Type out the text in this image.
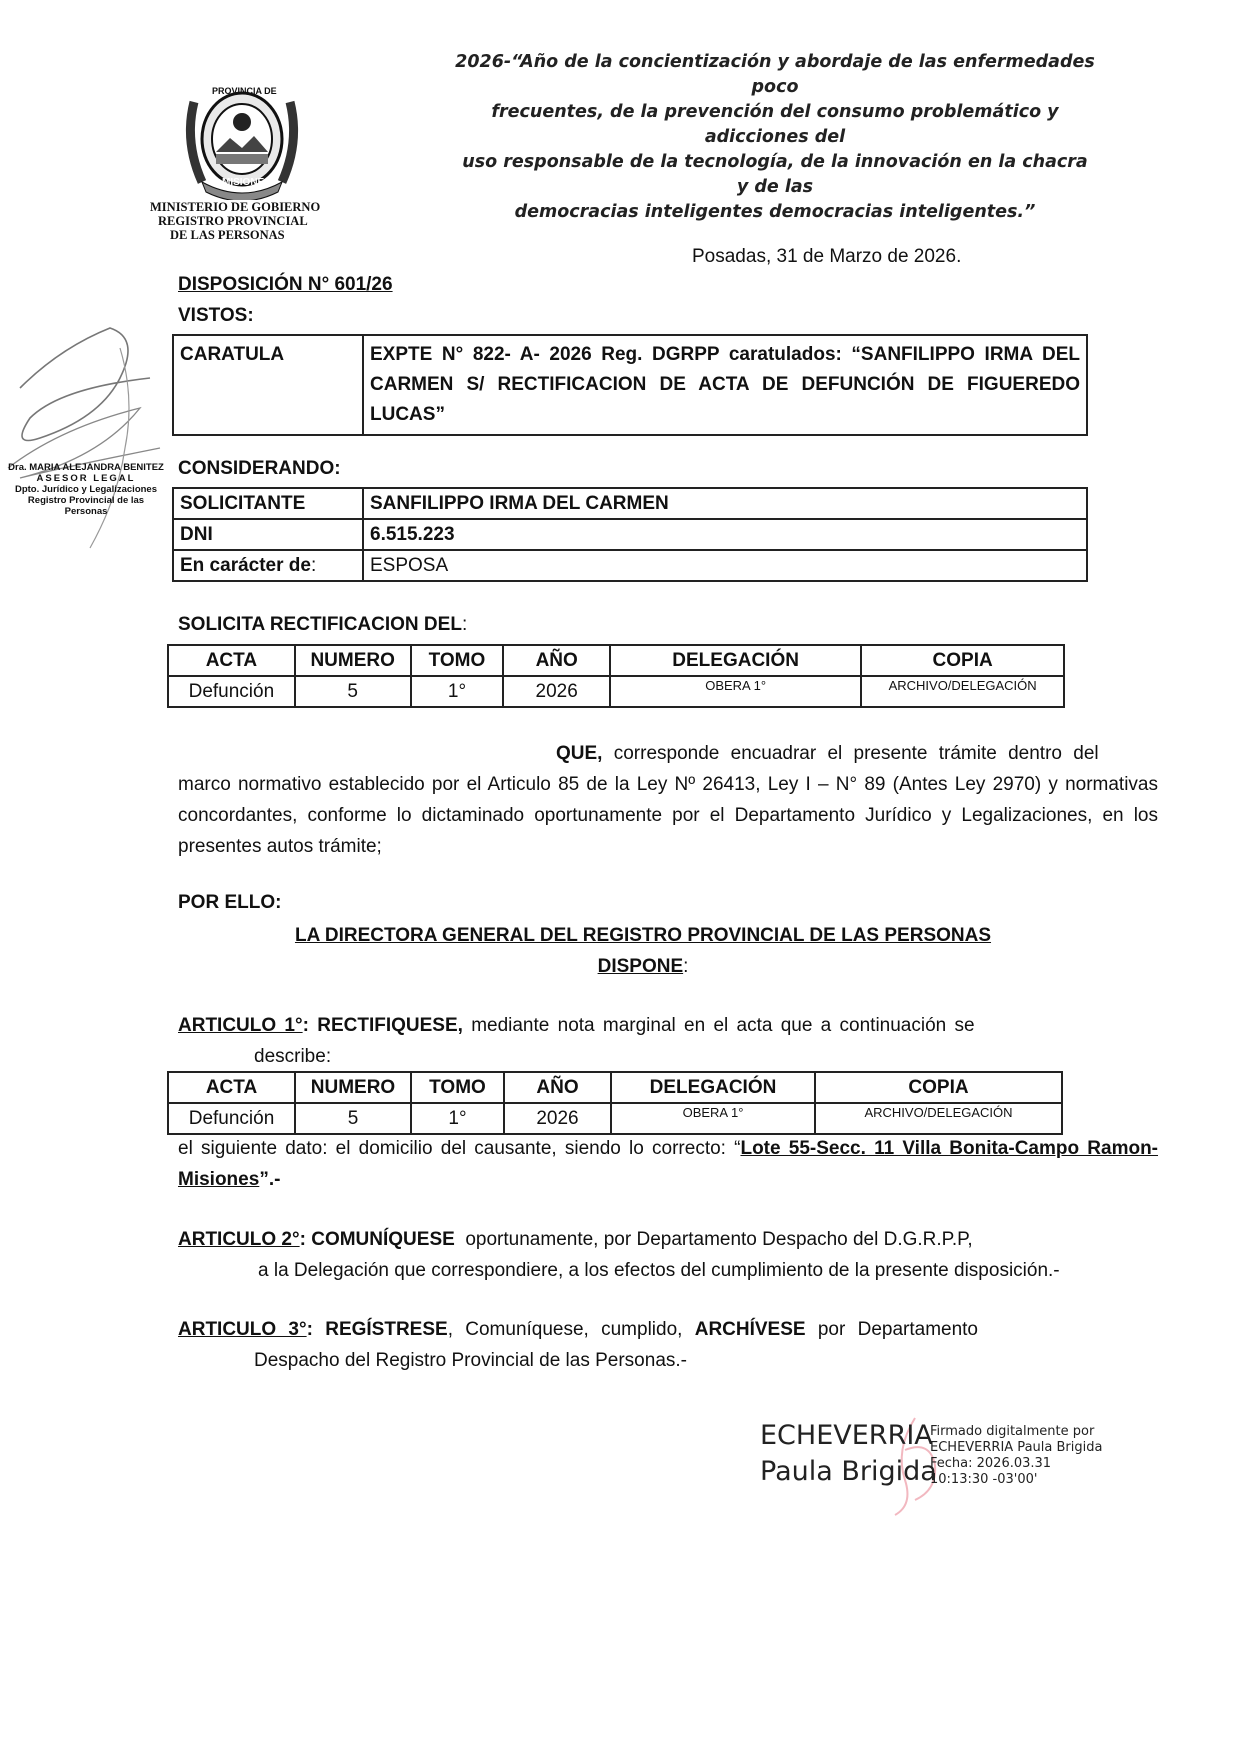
PROVINCIA DE
MISIONES
MINISTERIO DE GOBIERNO
REGISTRO PROVINCIAL
DE LAS PERSONAS
2026-“Año de la concientización y abordaje de las enfermedades poco
frecuentes, de la prevención del consumo problemático y adicciones del
uso responsable de la tecnología, de la innovación en la chacra y de las
democracias inteligentes democracias inteligentes.”
Dra. MARIA ALEJANDRA BENITEZ
ASESOR LEGAL
Dpto. Jurídico y Legalizaciones
Registro Provincial de las Personas
Posadas, 31 de Marzo de 2026.
DISPOSICIÓN N° 601/26
VISTOS:
CARATULA	EXPTE N° 822- A- 2026 Reg. DGRPP caratulados: “SANFILIPPO IRMA DEL CARMEN S/ RECTIFICACION DE ACTA DE DEFUNCIÓN DE FIGUEREDO LUCAS”
CONSIDERANDO:
SOLICITANTE	SANFILIPPO IRMA DEL CARMEN
DNI	6.515.223
En carácter de:	ESPOSA
SOLICITA RECTIFICACION DEL:
ACTA	NUMERO	TOMO	AÑO	DELEGACIÓN	COPIA
Defunción	5	1°	2026	OBERA 1°	ARCHIVO/DELEGACIÓN
QUE, corresponde encuadrar el presente trámite dentro del
marco normativo establecido por el Articulo 85 de la Ley Nº 26413, Ley I – N° 89 (Antes Ley 2970) y normativas concordantes, conforme lo dictaminado oportunamente por el Departamento Jurídico y Legalizaciones, en los presentes autos trámite;
POR ELLO:
LA DIRECTORA GENERAL DEL REGISTRO PROVINCIAL DE LAS PERSONAS
DISPONE:
ARTICULO 1°: RECTIFIQUESE, mediante nota marginal en el acta que a continuación se
describe:
ACTA	NUMERO	TOMO	AÑO	DELEGACIÓN	COPIA
Defunción	5	1°	2026	OBERA 1°	ARCHIVO/DELEGACIÓN
el siguiente dato: el domicilio del causante, siendo lo correcto: “Lote 55-Secc. 11 Villa Bonita-Campo Ramon-Misiones”.-
ARTICULO 2°: COMUNÍQUESE oportunamente, por Departamento Despacho del D.G.R.P.P,
a la Delegación que correspondiere, a los efectos del cumplimiento de la presente disposición.-
ARTICULO 3°: REGÍSTRESE, Comuníquese, cumplido, ARCHÍVESE por Departamento
Despacho del Registro Provincial de las Personas.-
ECHEVERRIA
Paula Brigida
Firmado digitalmente por
ECHEVERRIA Paula Brigida
Fecha: 2026.03.31
10:13:30 -03'00'
